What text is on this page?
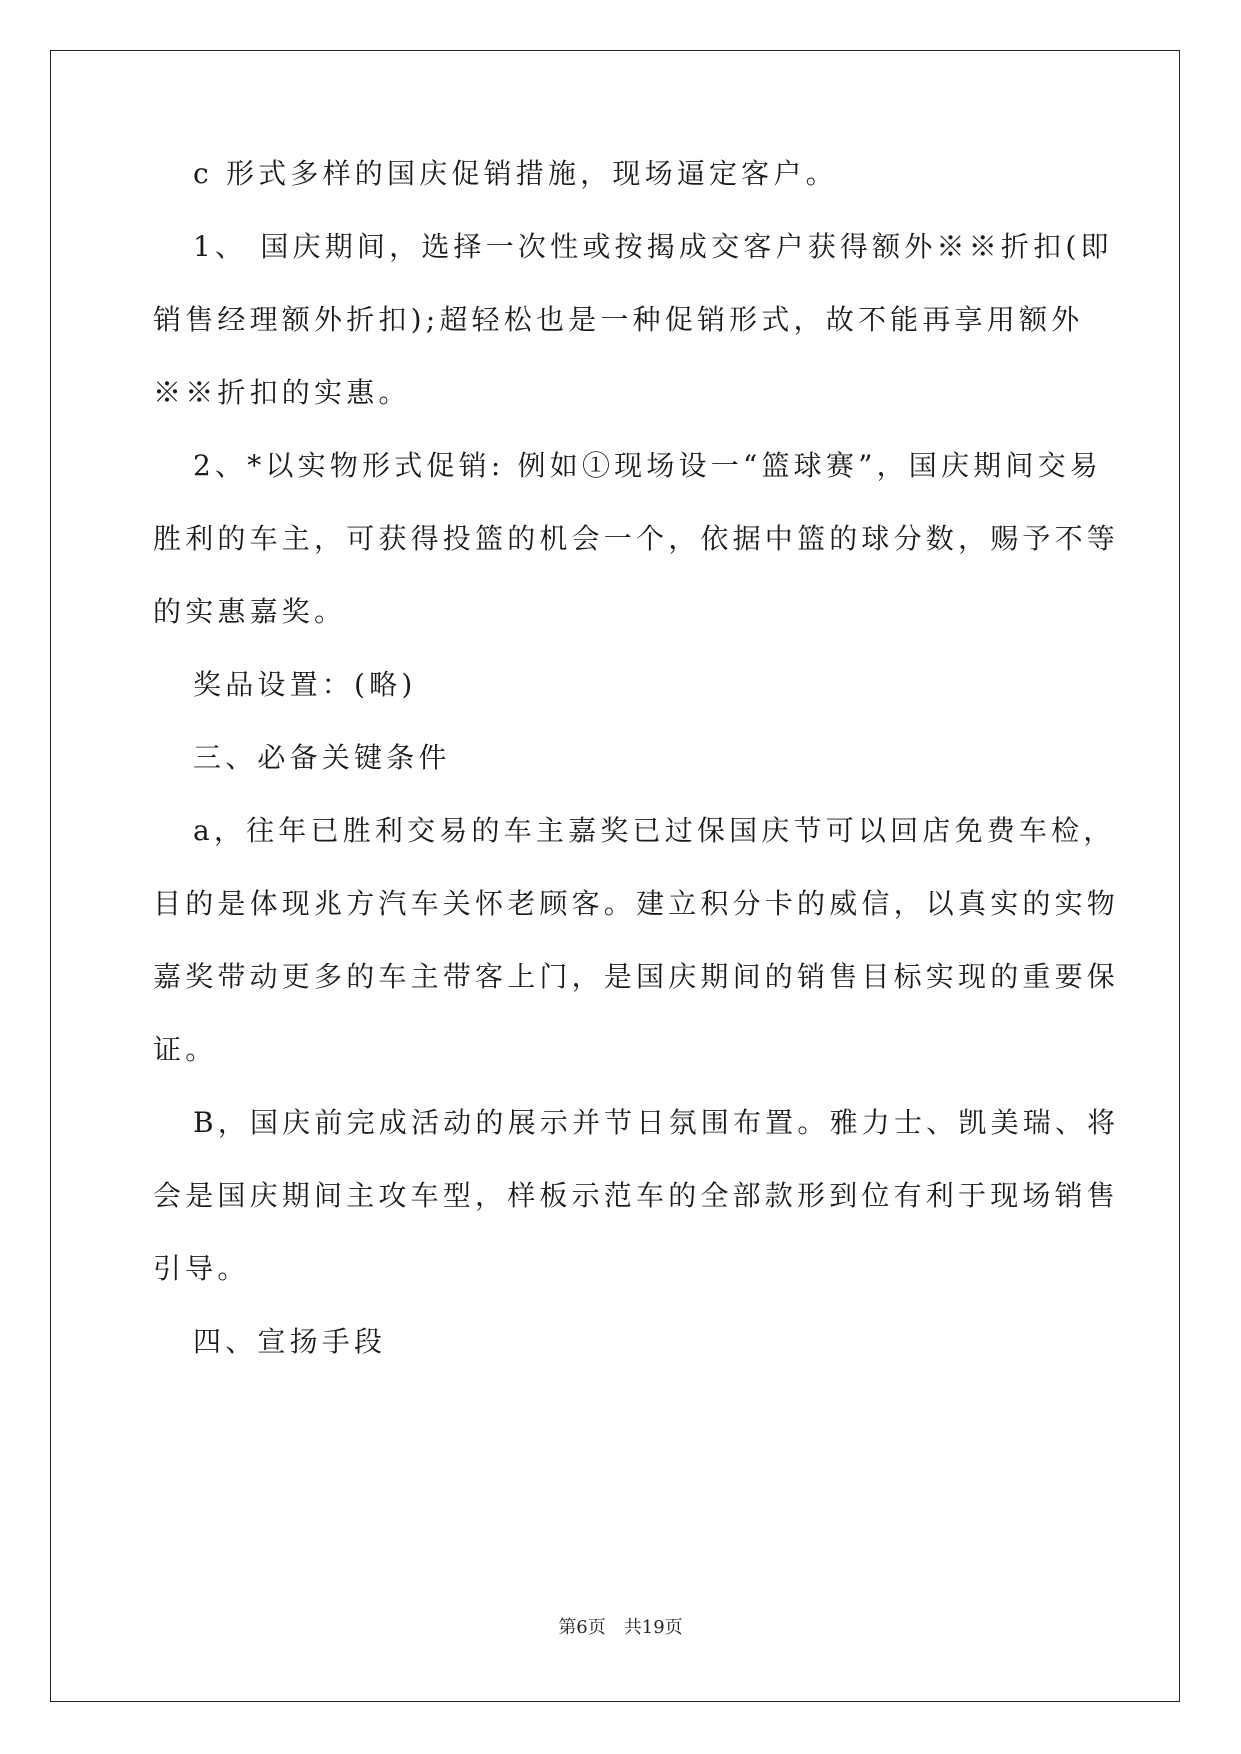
c 形式多样的国庆促销措施，现场逼定客户。
1、 国庆期间，选择一次性或按揭成交客户获得额外※※折扣(即
销售经理额外折扣);超轻松也是一种促销形式，故不能再享用额外
※※折扣的实惠。
2、*以实物形式促销: 例如①现场设一“篮球赛”，国庆期间交易
胜利的车主，可获得投篮的机会一个，依据中篮的球分数，赐予不等
的实惠嘉奖。
奖品设置：(略)
三、必备关键条件
a，往年已胜利交易的车主嘉奖已过保国庆节可以回店免费车检，
目的是体现兆方汽车关怀老顾客。建立积分卡的威信，以真实的实物
嘉奖带动更多的车主带客上门，是国庆期间的销售目标实现的重要保
证。
B，国庆前完成活动的展示并节日氛围布置。雅力士、凯美瑞、将
会是国庆期间主攻车型，样板示范车的全部款形到位有利于现场销售
引导。
四、宣扬手段
第6页　共19页
